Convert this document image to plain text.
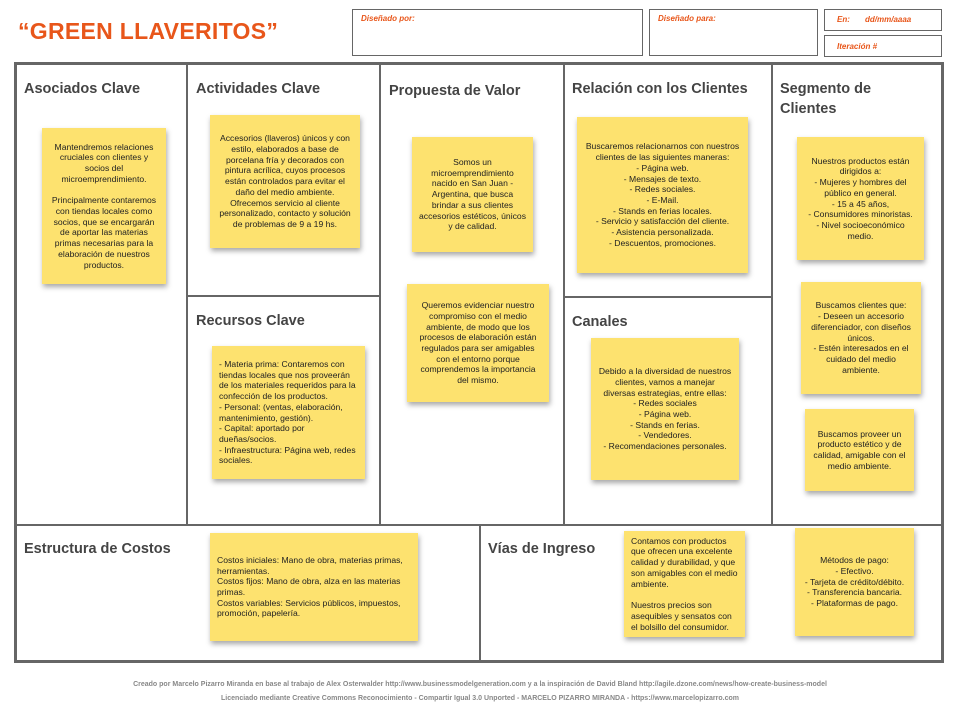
“GREEN LLAVERITOS”	Diseñado por:	Diseñado para:	En: dd/mm/aaaa
Iteración #
Asociados Clave	Actividades Clave	Propuesta de Valor	Relación con los Clientes Segmento de Clientes
Recursos Clave	Canales
Estructura de Costos	Vías de Ingreso

Mantendremos relaciones cruciales con clientes y socios del microemprendimiento.

Principalmente contaremos con tiendas locales como socios, que se encargarán de aportar las materias primas necesarias para la elaboración de nuestros productos.

Accesorios (llaveros) únicos y con estilo, elaborados a base de porcelana fría y decorados con pintura acrílica, cuyos procesos están controlados para evitar el daño del medio ambiente.
Ofrecemos servicio al cliente personalizado, contacto y solución de problemas de 9 a 19 hs.

Somos un microemprendimiento nacido en San Juan - Argentina, que busca brindar a sus clientes accesorios estéticos, únicos y de calidad.

Queremos evidenciar nuestro compromiso con el medio ambiente, de modo que los procesos de elaboración están regulados para ser amigables con el entorno porque comprendemos la importancia del mismo.

Buscaremos relacionarnos con nuestros clientes de las siguientes maneras:
- Página web.
- Mensajes de texto.
- Redes sociales.
- E-Mail.
- Stands en ferias locales.
- Servicio y satisfacción del cliente.
- Asistencia personalizada.
- Descuentos, promociones.

Nuestros productos están dirigidos a:
- Mujeres y hombres del público en general.
- 15 a 45 años,
- Consumidores minoristas.
- Nivel socioeconómico medio.

Buscamos clientes que:
- Deseen un accesorio diferenciador, con diseños únicos.
- Estén interesados en el cuidado del medio ambiente.

Buscamos proveer un producto estético y de calidad, amigable con el medio ambiente.

- Materia prima: Contaremos con tiendas locales que nos proveerán de los materiales requeridos para la confección de los productos.
- Personal: (ventas, elaboración, mantenimiento, gestión).
- Capital: aportado por dueñas/socios.
- Infraestructura: Página web, redes sociales.

Debido a la diversidad de nuestros clientes, vamos a manejar diversas estrategias, entre ellas:
- Redes sociales
- Página web.
- Stands en ferias.
- Vendedores.
- Recomendaciones personales.

Costos iniciales: Mano de obra, materias primas, herramientas.
Costos fijos: Mano de obra, alza en las materias primas.
Costos variables: Servicios públicos, impuestos, promoción, papelería.

Contamos con productos que ofrecen una excelente calidad y durabilidad, y que son amigables con el medio ambiente.

Nuestros precios son asequibles y sensatos con el bolsillo del consumidor.

Métodos de pago:
- Efectivo.
- Tarjeta de crédito/débito.
- Transferencia bancaria.
- Plataformas de pago.

Creado por Marcelo Pizarro Miranda en base al trabajo de Alex Osterwalder http://www.businessmodelgeneration.com y a la inspiración de David Bland http://agile.dzone.com/news/how-create-business-model
Licenciado mediante Creative Commons Reconocimiento - Compartir Igual 3.0 Unported - MARCELO PIZARRO MIRANDA - https://www.marcelopizarro.com
